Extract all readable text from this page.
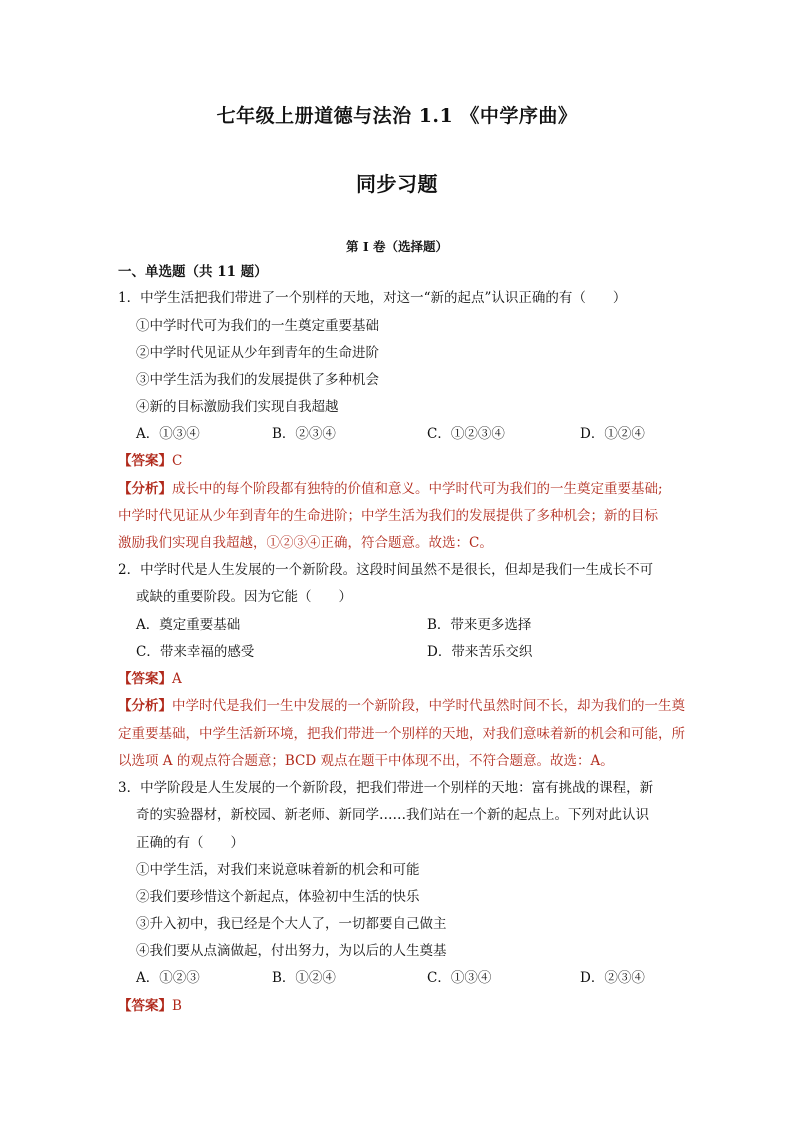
七年级上册道德与法治 1.1 《中学序曲》
同步习题
第 I 卷（选择题）
一、单选题（共 11 题）
1．中学生活把我们带进了一个别样的天地，对这一“新的起点”认识正确的有（　　）
①中学时代可为我们的一生奠定重要基础
②中学时代见证从少年到青年的生命进阶
③中学生活为我们的发展提供了多种机会
④新的目标激励我们实现自我超越
A．①③④	B．②③④	C．①②③④	D．①②④
【答案】C
【分析】成长中的每个阶段都有独特的价值和意义。中学时代可为我们的一生奠定重要基础;
中学时代见证从少年到青年的生命进阶；中学生活为我们的发展提供了多种机会；新的目标
激励我们实现自我超越，①②③④正确，符合题意。故选：C。
2．中学时代是人生发展的一个新阶段。这段时间虽然不是很长，但却是我们一生成长不可
或缺的重要阶段。因为它能（　　）
A．奠定重要基础	B．带来更多选择
C．带来幸福的感受	D．带来苦乐交织
【答案】A
【分析】中学时代是我们一生中发展的一个新阶段，中学时代虽然时间不长，却为我们的一生奠
定重要基础，中学生活新环境，把我们带进一个别样的天地，对我们意味着新的机会和可能，所
以选项 A 的观点符合题意；BCD 观点在题干中体现不出，不符合题意。故选：A。
3．中学阶段是人生发展的一个新阶段，把我们带进一个别样的天地：富有挑战的课程，新
奇的实验器材，新校园、新老师、新同学……我们站在一个新的起点上。下列对此认识
正确的有（　　）
①中学生活，对我们来说意味着新的机会和可能
②我们要珍惜这个新起点，体验初中生活的快乐
③升入初中，我已经是个大人了，一切都要自己做主
④我们要从点滴做起，付出努力，为以后的人生奠基
A．①②③	B．①②④	C．①③④	D．②③④
【答案】B
